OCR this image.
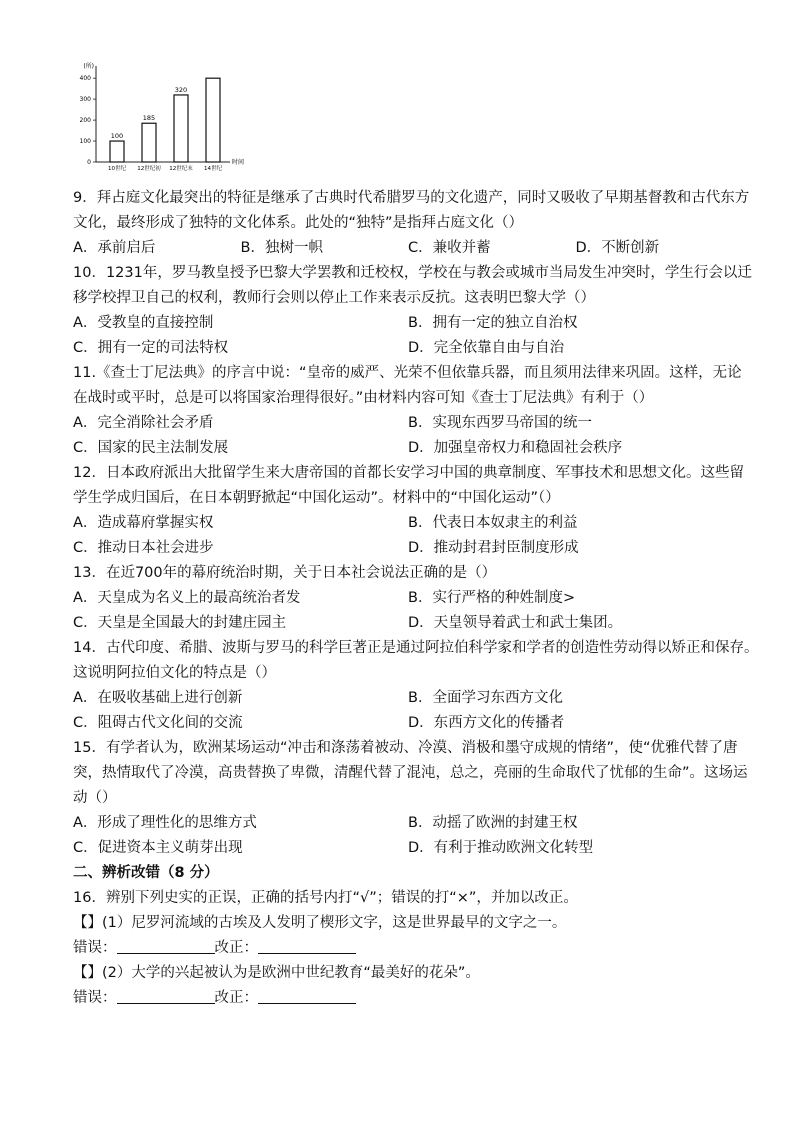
(所)
时间
400
300
200
100
0
100
10世纪
185
12世纪初
320
12世纪末 14世纪
9．拜占庭文化最突出的特征是继承了古典时代希腊罗马的文化遗产，同时又吸收了早期基督教和古代东方
文化，最终形成了独特的文化体系。此处的“独特”是指拜占庭文化（）
A．承前启后	B．独树一帜	C．兼收并蓄	D．不断创新
10．1231年，罗马教皇授予巴黎大学罢教和迁校权，学校在与教会或城市当局发生冲突时，学生行会以迁
移学校捍卫自己的权利，教师行会则以停止工作来表示反抗。这表明巴黎大学（）
A．受教皇的直接控制	B．拥有一定的独立自治权
C．拥有一定的司法特权	D．完全依靠自由与自治
11.《查士丁尼法典》的序言中说：“皇帝的威严、光荣不但依靠兵器，而且须用法律来巩固。这样，无论
在战时或平时，总是可以将国家治理得很好。”由材料内容可知《查士丁尼法典》有利于（）
A．完全消除社会矛盾	B．实现东西罗马帝国的统一
C．国家的民主法制发展	D．加强皇帝权力和稳固社会秩序
12．日本政府派出大批留学生来大唐帝国的首都长安学习中国的典章制度、军事技术和思想文化。这些留
学生学成归国后，在日本朝野掀起“中国化运动”。材料中的“中国化运动”（）
A．造成幕府掌握实权	B．代表日本奴隶主的利益
C．推动日本社会进步	D．推动封君封臣制度形成
13．在近700年的幕府统治时期，关于日本社会说法正确的是（）
A．天皇成为名义上的最高统治者发	B．实行严格的种姓制度>
C．天皇是全国最大的封建庄园主	D．天皇领导着武士和武士集团。
14．古代印度、希腊、波斯与罗马的科学巨著正是通过阿拉伯科学家和学者的创造性劳动得以矫正和保存。
这说明阿拉伯文化的特点是（）
A．在吸收基础上进行创新	B．全面学习东西方文化
C．阻碍古代文化间的交流	D．东西方文化的传播者
15．有学者认为，欧洲某场运动“冲击和涤荡着被动、冷漠、消极和墨守成规的情绪”，使“优雅代替了唐
突，热情取代了冷漠，高贵替换了卑微，清醒代替了混沌，总之，亮丽的生命取代了忧郁的生命”。这场运
动（）
A．形成了理性化的思维方式	B．动摇了欧洲的封建王权
C．促进资本主义萌芽出现	D．有利于推动欧洲文化转型
二、辨析改错（8 分）
16．辨别下列史实的正误，正确的括号内打“√”；错误的打“×”，并加以改正。
【】(1）尼罗河流域的古埃及人发明了楔形文字，这是世界最早的文字之一。
错误：	改正：
【】(2）大学的兴起被认为是欧洲中世纪教育“最美好的花朵”。
错误：	改正：
